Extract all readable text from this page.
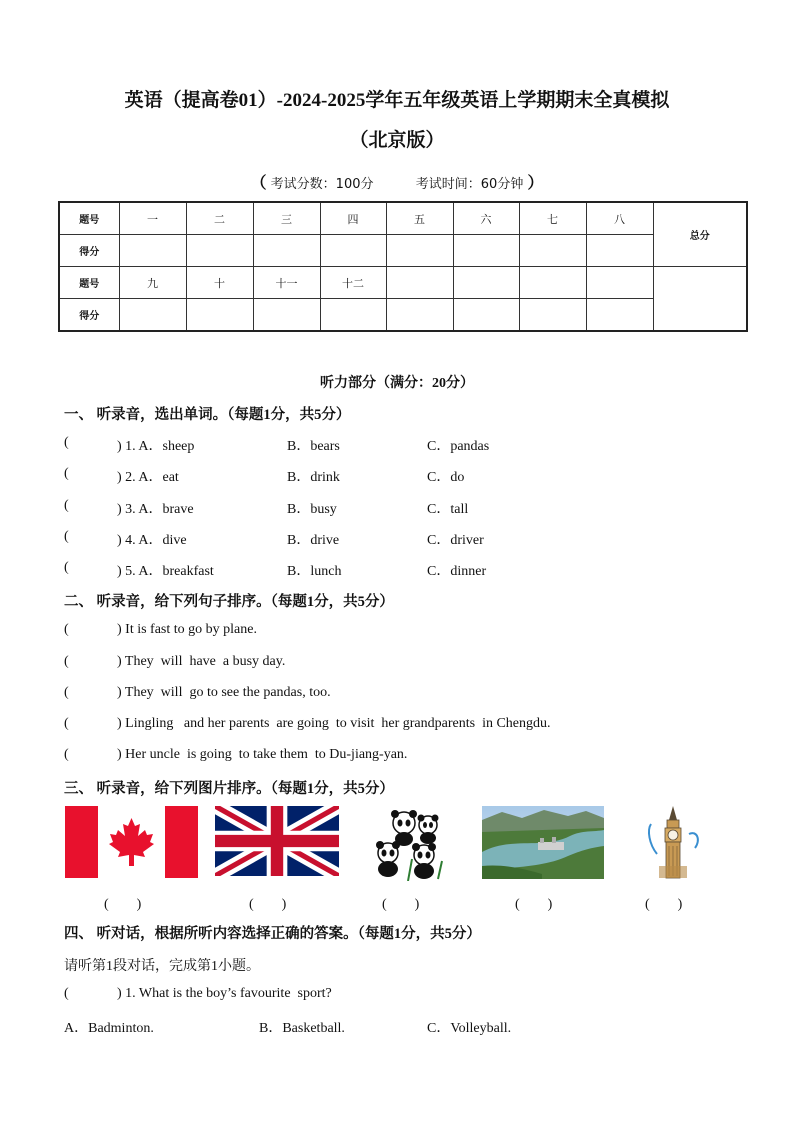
英语（提高卷01）-2024-2025学年五年级英语上学期期末全真模拟
（北京版）
（ 考试分数：100分	考试时间：60分钟 ）
题号	一	二	三	四	五	六	七	八	总分
得分									
题号	九	十	十一	十二					
得分									
听力部分（满分：20分）
一、 听录音，选出单词。（每题1分，共5分）
(	) 1. A．sheep	B．bears	C．pandas
(	) 2. A．eat	B．drink	C．do
(	) 3. A．brave	B．busy	C．tall
(	) 4. A．dive	B．drive	C．driver
(	) 5. A．breakfast	B．lunch	C．dinner
二、 听录音，给下列句子排序。（每题1分，共5分）
(	) It is fast to go by plane.
(	) They  will  have  a busy day.
(	) They  will  go to see the pandas, too.
(	) Lingling   and her parents  are going  to visit  her grandparents  in Chengdu.
(	) Her uncle  is going  to take them  to Du-jiang-yan.
三、 听录音，给下列图片排序。（每题1分，共5分）
(　　)	(　　)	(　　)	(　　)	(　　)
四、 听对话，根据所听内容选择正确的答案。（每题1分，共5分）
请听第1段对话，完成第1小题。
(	) 1. What is the boy’s favourite  sport?
A．Badminton.	B．Basketball.	C．Volleyball.
